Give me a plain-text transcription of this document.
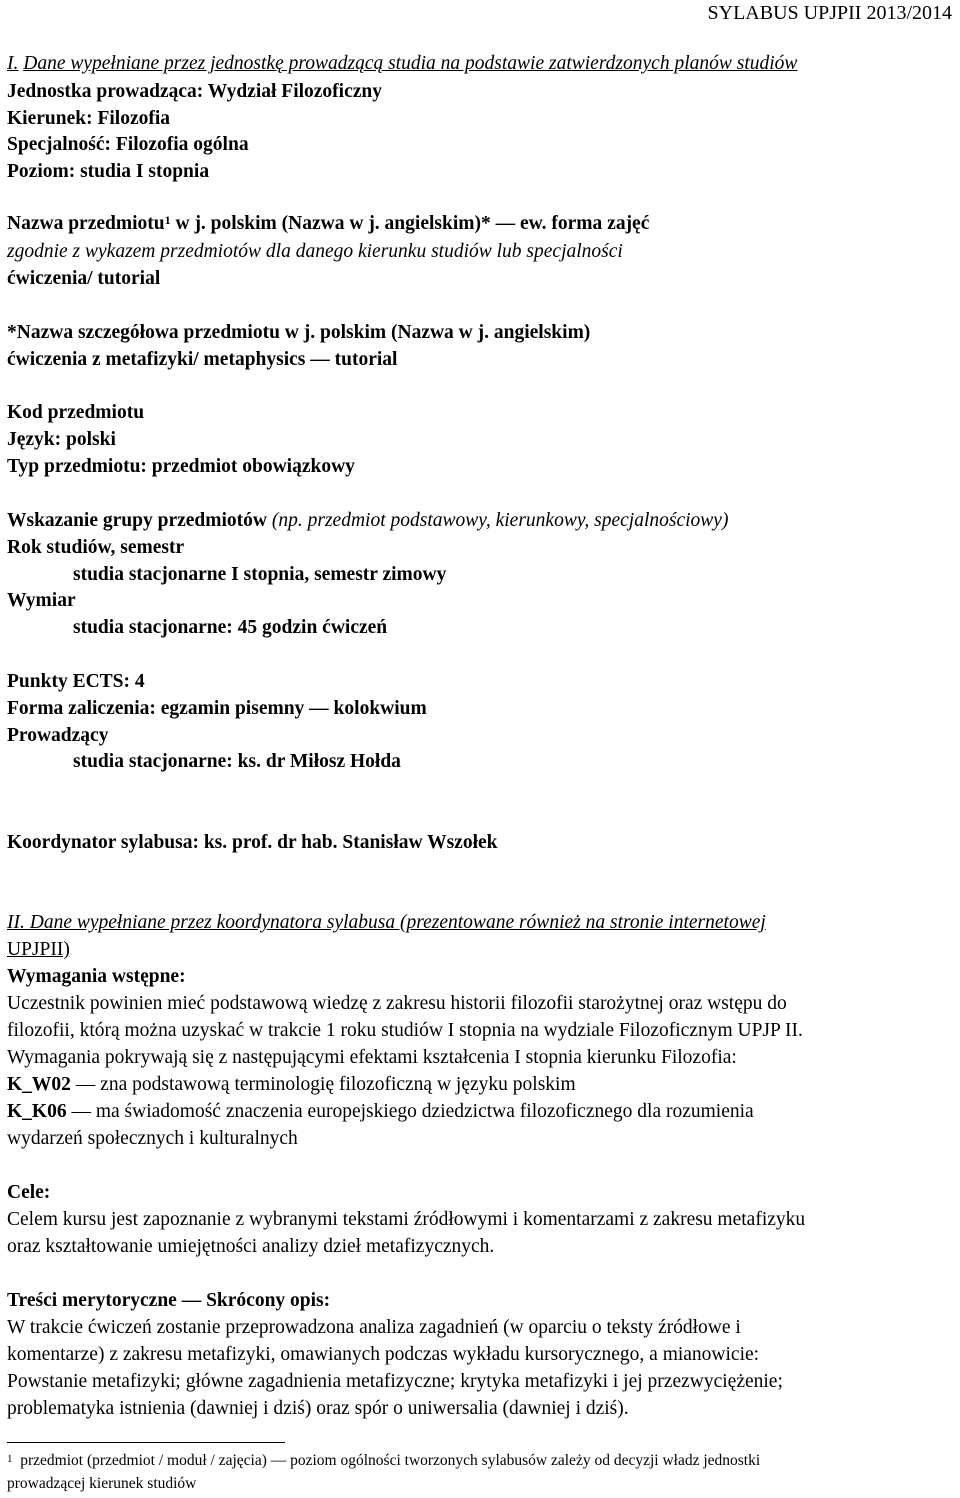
SYLABUS UPJPII 2013/2014
I. Dane wypełniane przez jednostkę prowadzącą studia na podstawie zatwierdzonych planów studiów
Jednostka prowadząca: Wydział Filozoficzny
Kierunek: Filozofia
Specjalność: Filozofia ogólna
Poziom: studia I stopnia
Nazwa przedmiotu$^1$ w j. polskim (Nazwa w j. angielskim)* — ew. forma zajęć
zgodnie z wykazem przedmiotów dla danego kierunku studiów lub specjalności
ćwiczenia/ tutorial
*Nazwa szczegółowa przedmiotu w j. polskim (Nazwa w j. angielskim)
ćwiczenia z metafizyki/ metaphysics — tutorial
Kod przedmiotu
Język: polski
Typ przedmiotu: przedmiot obowiązkowy
Wskazanie grupy przedmiotów (np. przedmiot podstawowy, kierunkowy, specjalnościowy)
Rok studiów, semestr
studia stacjonarne I stopnia, semestr zimowy
Wymiar
studia stacjonarne: 45 godzin ćwiczeń
Punkty ECTS: 4
Forma zaliczenia: egzamin pisemny — kolokwium
Prowadzący
studia stacjonarne: ks. dr Miłosz Hołda
Koordynator sylabusa: ks. prof. dr hab. Stanisław Wszołek
II. Dane wypełniane przez koordynatora sylabusa (prezentowane również na stronie internetowej
UPJPII)
Wymagania wstępne:
Uczestnik powinien mieć podstawową wiedzę z zakresu historii filozofii starożytnej oraz wstępu do
filozofii, którą można uzyskać w trakcie 1 roku studiów I stopnia na wydziale Filozoficznym UPJP II.
Wymagania pokrywają się z następującymi efektami kształcenia I stopnia kierunku Filozofia:
K_W02 — zna podstawową terminologię filozoficzną w języku polskim
K_K06 — ma świadomość znaczenia europejskiego dziedzictwa filozoficznego dla rozumienia
wydarzeń społecznych i kulturalnych
Cele:
Celem kursu jest zapoznanie z wybranymi tekstami źródłowymi i komentarzami z zakresu metafizyku
oraz kształtowanie umiejętności analizy dzieł metafizycznych.
Treści merytoryczne — Skrócony opis:
W trakcie ćwiczeń zostanie przeprowadzona analiza zagadnień (w oparciu o teksty źródłowe i
komentarze) z zakresu metafizyki, omawianych podczas wykładu kursorycznego, a mianowicie:
Powstanie metafizyki; główne zagadnienia metafizyczne; krytyka metafizyki i jej przezwyciężenie;
problematyka istnienia (dawniej i dziś) oraz spór o uniwersalia (dawniej i dziś).
$^1$ przedmiot (przedmiot / moduł / zajęcia) — poziom ogólności tworzonych sylabusów zależy od decyzji władz jednostki
prowadzącej kierunek studiów
